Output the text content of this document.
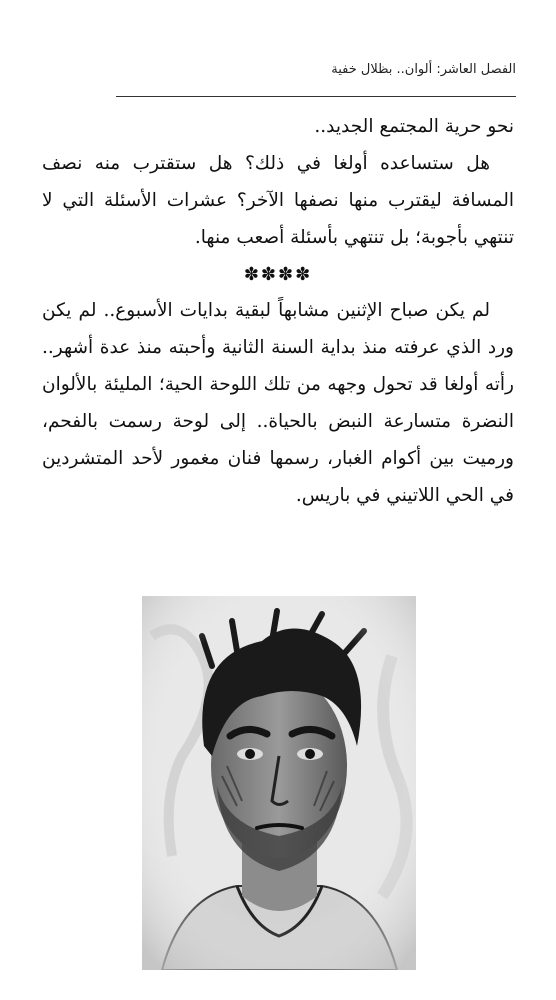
الفصل العاشر: ألوان.. بظلال خفية

نحو حرية المجتمع الجديد..

هل ستساعده أولغا في ذلك؟ هل ستقترب منه نصف المسافة ليقترب منها نصفها الآخر؟ عشرات الأسئلة التي لا تنتهي بأجوبة؛ بل تنتهي بأسئلة أصعب منها.

✽✽✽✽

لم يكن صباح الإثنين مشابهاً لبقية بدايات الأسبوع.. لم يكن ورد الذي عرفته منذ بداية السنة الثانية وأحبته منذ عدة أشهر.. رأته أولغا قد تحول وجهه من تلك اللوحة الحية؛ المليئة بالألوان النضرة متسارعة النبض بالحياة.. إلى لوحة رسمت بالفحم، ورميت بين أكوام الغبار، رسمها فنان مغمور لأحد المتشردين في الحي اللاتيني في باريس.
